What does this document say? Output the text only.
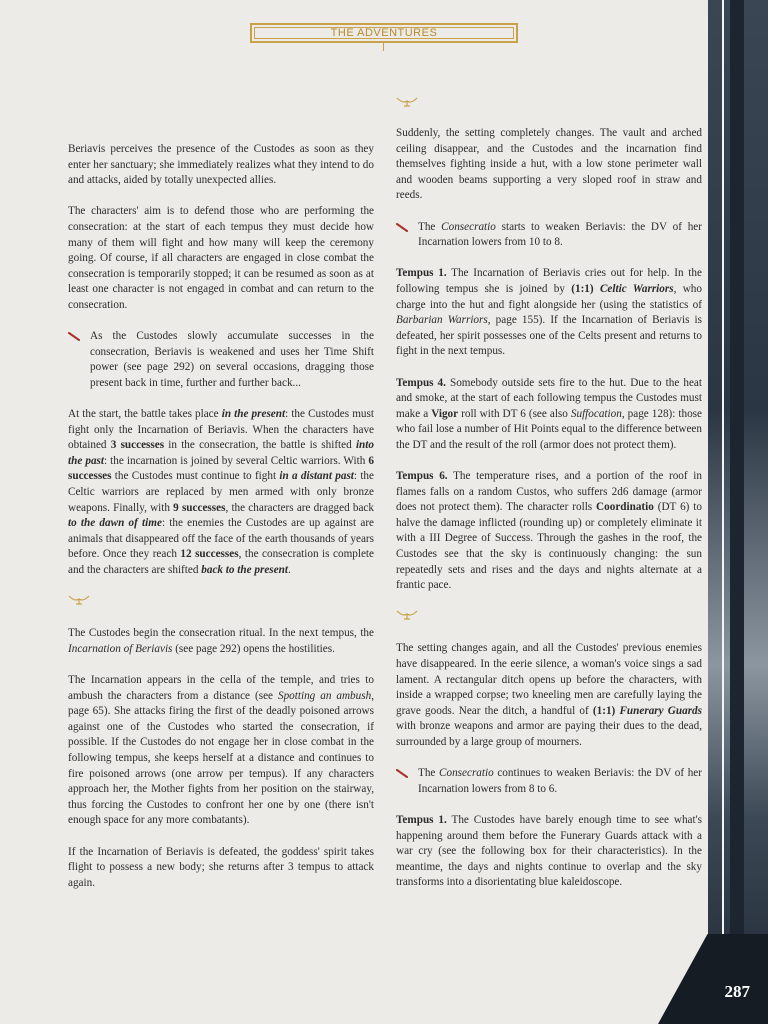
287
THE ADVENTURES

Beriavis perceives the presence of the Custodes as soon as they enter her sanctuary; she immediately realizes what they intend to do and attacks, aided by totally unexpected allies.

The characters' aim is to defend those who are performing the consecration: at the start of each tempus they must decide how many of them will fight and how many will keep the ceremony going. Of course, if all characters are engaged in close combat the consecration is temporarily stopped; it can be resumed as soon as at least one character is not engaged in combat and can return to the consecration.

As the Custodes slowly accumulate successes in the consecration, Beriavis is weakened and uses her Time Shift power (see page 292) on several occasions, dragging those present back in time, further and further back...

At the start, the battle takes place in the present: the Custodes must fight only the Incarnation of Beriavis. When the characters have obtained 3 successes in the consecration, the battle is shifted into the past: the incarnation is joined by several Celtic warriors. With 6 successes the Custodes must continue to fight in a distant past: the Celtic warriors are replaced by men armed with only bronze weapons. Finally, with 9 successes, the characters are dragged back to the dawn of time: the enemies the Custodes are up against are animals that disappeared off the face of the earth thousands of years before. Once they reach 12 successes, the consecration is complete and the characters are shifted back to the present.

The Custodes begin the consecration ritual. In the next tempus, the Incarnation of Beriavis (see page 292) opens the hostilities.

The Incarnation appears in the cella of the temple, and tries to ambush the characters from a distance (see Spotting an ambush, page 65). She attacks firing the first of the deadly poisoned arrows against one of the Custodes who started the consecration, if possible. If the Custodes do not engage her in close combat in the following tempus, she keeps herself at a distance and continues to fire poisoned arrows (one arrow per tempus). If any characters approach her, the Mother fights from her position on the stairway, thus forcing the Custodes to confront her one by one (there isn't enough space for any more combatants).

If the Incarnation of Beriavis is defeated, the goddess' spirit takes flight to possess a new body; she returns after 3 tempus to attack again.

Suddenly, the setting completely changes. The vault and arched ceiling disappear, and the Custodes and the incarnation find themselves fighting inside a hut, with a low stone perimeter wall and wooden beams supporting a very sloped roof in straw and reeds.

The Consecratio starts to weaken Beriavis: the DV of her Incarnation lowers from 10 to 8.

Tempus 1. The Incarnation of Beriavis cries out for help. In the following tempus she is joined by (1:1) Celtic Warriors, who charge into the hut and fight alongside her (using the statistics of Barbarian Warriors, page 155). If the Incarnation of Beriavis is defeated, her spirit possesses one of the Celts present and returns to fight in the next tempus.

Tempus 4. Somebody outside sets fire to the hut. Due to the heat and smoke, at the start of each following tempus the Custodes must make a Vigor roll with DT 6 (see also Suffocation, page 128): those who fail lose a number of Hit Points equal to the difference between the DT and the result of the roll (armor does not protect them).

Tempus 6. The temperature rises, and a portion of the roof in flames falls on a random Custos, who suffers 2d6 damage (armor does not protect them). The character rolls Coordinatio (DT 6) to halve the damage inflicted (rounding up) or completely eliminate it with a III Degree of Success. Through the gashes in the roof, the Custodes see that the sky is continuously changing: the sun repeatedly sets and rises and the days and nights alternate at a frantic pace.

The setting changes again, and all the Custodes' previous enemies have disappeared. In the eerie silence, a woman's voice sings a sad lament. A rectangular ditch opens up before the characters, with inside a wrapped corpse; two kneeling men are carefully laying the grave goods. Near the ditch, a handful of (1:1) Funerary Guards with bronze weapons and armor are paying their dues to the dead, surrounded by a large group of mourners.

The Consecratio continues to weaken Beriavis: the DV of her Incarnation lowers from 8 to 6.

Tempus 1. The Custodes have barely enough time to see what's happening around them before the Funerary Guards attack with a war cry (see the following box for their characteristics). In the meantime, the days and nights continue to overlap and the sky transforms into a disorientating blue kaleidoscope.
